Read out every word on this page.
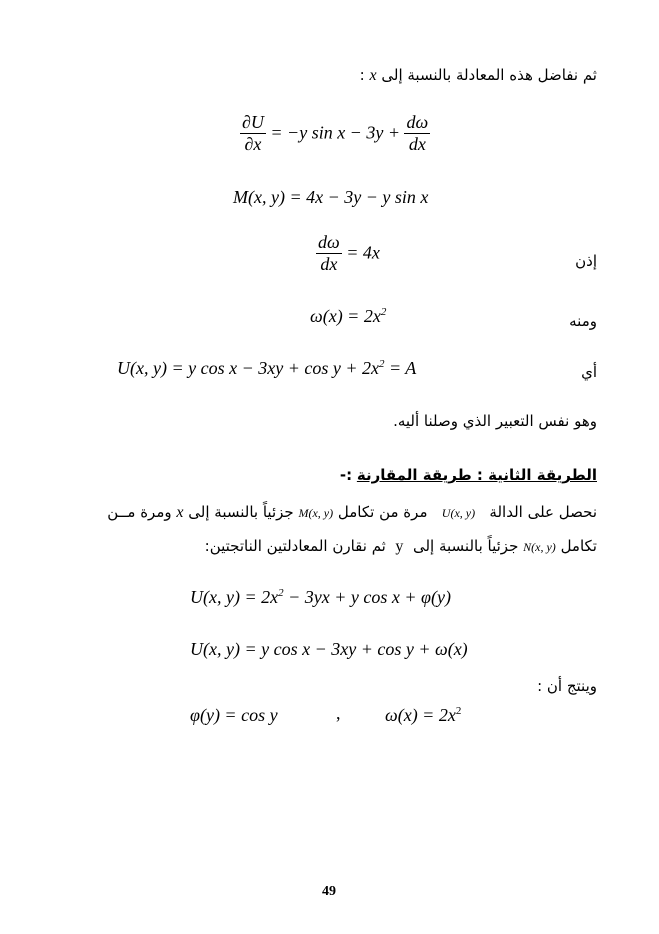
ثم نفاضل هذه المعادلة بالنسبة إلى x :
$\frac{\partial U}{\partial x} = -y$ $\sin x - 3y + \frac{d\omega}{dx}$
M(x, y) = 4x − 3y − y sin x
إذن
$\frac{d\omega}{dx} = 4x$
ومنه
$\omega(x) = 2x^2$
أي
U(x, y) = y $\cos x - 3xy + \cos y + 2x^2 = A$
وهو نفس التعبير الذي وصلنا أليه.
الطريقة الثانية : طريقة المقارنة :-
نحصل على الدالة   U(x, y)   مرة من تكامل M(x, y) جزئياً بالنسبة إلى x ومرة مــن
تكامل N(x, y) جزئياً بالنسبة إلى  y  ثم نقارن المعادلتين الناتجتين:
U(x, $y) = 2x^2 - 3yx + y$ cos x + φ(y)
U(x, y) = y cos x − 3xy + cos y + ω(x)
وينتج أن :
φ(y) = cos y	, $\omega(x) = 2x^2$
49
